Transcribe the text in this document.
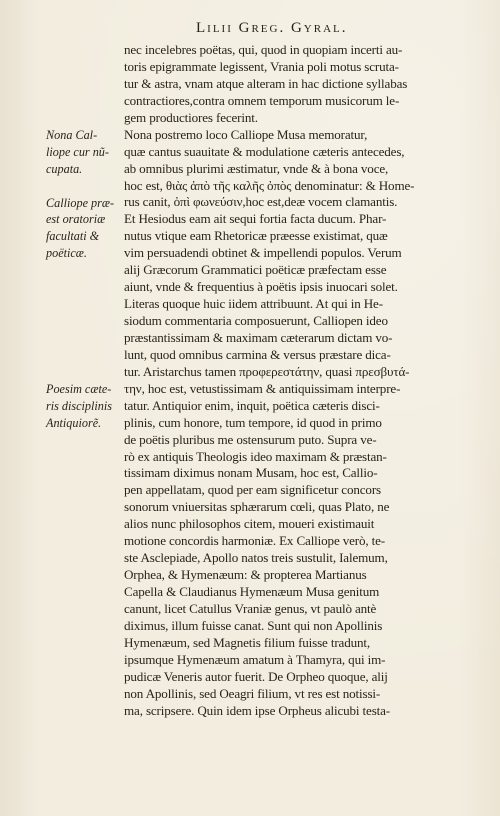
Lilii Greg. Gyral.
nec incelebres poëtas, qui, quod in quopiam incerti au-
toris epigrammate legissent, Vrania poli motus scruta-
tur & astra, vnam atque alteram in hac dictione syllabas
contractiores,contra omnem temporum musicorum le-
gem productiores fecerint.
Nona postremo loco Calliope Musa memoratur,
quæ cantus suauitate & modulatione cæteris antecedes,
ab omnibus plurimi æstimatur, vnde & à bona voce,
hoc est, θιὰς ἀπὸ τῆς καλῆς ὀπὸς denominatur: & Home-
rus canit, ὀπὶ φωνεύσιν,hoc est,deæ vocem clamantis.
Et Hesiodus eam ait sequi fortia facta ducum. Phar-
nutus vtique eam Rhetoricæ præesse existimat, quæ
vim persuadendi obtinet & impellendi populos. Verum
alij Græcorum Grammatici poëticæ præfectam esse
aiunt, vnde & frequentius à poëtis ipsis inuocari solet.
Literas quoque huic iidem attribuunt. At qui in He-
siodum commentaria composuerunt, Calliopen ideo
præstantissimam & maximam cæterarum dictam vo-
lunt, quod omnibus carmina & versus præstare dica-
tur. Aristarchus tamen προφερεστάτην, quasi πρεσβυτά-
την, hoc est, vetustissimam & antiquissimam interpre-
tatur. Antiquior enim, inquit, poëtica cæteris disci-
plinis, cum honore, tum tempore, id quod in primo
de poëtis pluribus me ostensurum puto. Supra ve-
rò ex antiquis Theologis ideo maximam & præstan-
tissimam diximus nonam Musam, hoc est, Callio-
pen appellatam, quod per eam significetur concors
sonorum vniuersitas sphærarum cœli, quas Plato, ne
alios nunc philosophos citem, moueri existimauit
motione concordis harmoniæ. Ex Calliope verò, te-
ste Asclepiade, Apollo natos treis sustulit, Ialemum,
Orphea, & Hymenæum: & propterea Martianus
Capella & Claudianus Hymenæum Musa genitum
canunt, licet Catullus Vraniæ genus, vt paulò antè
diximus, illum fuisse canat. Sunt qui non Apollinis
Hymenæum, sed Magnetis filium fuisse tradunt,
ipsumque Hymenæum amatum à Thamyra, qui im-
pudicæ Veneris autor fuerit. De Orpheo quoque, alij
non Apollinis, sed Oeagri filium, vt res est notissi-
ma, scripsere. Quin idem ipse Orpheus alicubi testa-
Nona Cal-
liope cur nũ-
cupata.
Calliope præ-
est oratoriæ
facultati &
poëticæ.
Poesim cæte-
ris disciplinis
Antiquiorẽ.
